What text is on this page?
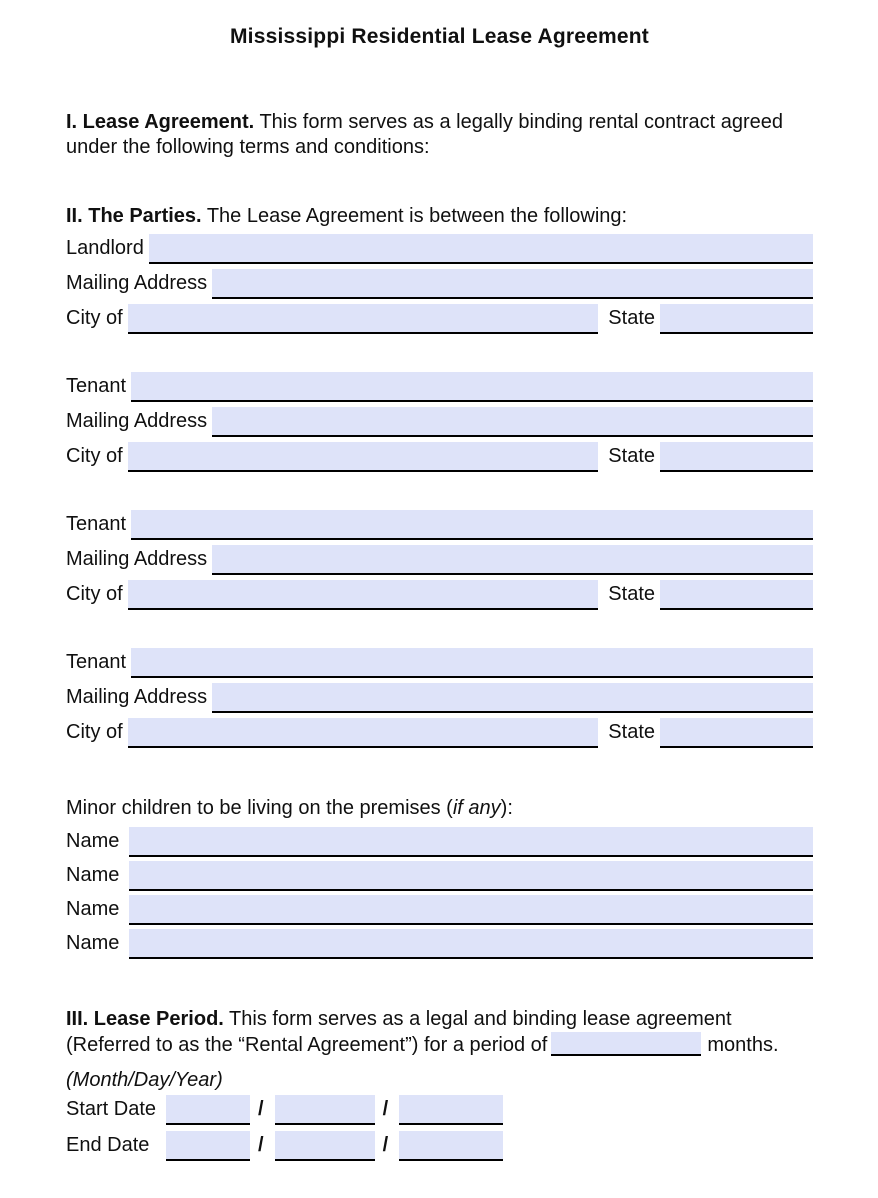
Mississippi Residential Lease Agreement
I. Lease Agreement. This form serves as a legally binding rental contract agreed
under the following terms and conditions:
II. The Parties. The Lease Agreement is between the following:
Landlord
Mailing Address
City of	State
Tenant
Mailing Address
City of	State
Tenant
Mailing Address
City of	State
Tenant
Mailing Address
City of	State
Minor children to be living on the premises (if any):
Name
Name
Name
Name
III. Lease Period. This form serves as a legal and binding lease agreement
(Referred to as the “Rental Agreement”) for a period of	months.
(Month/Day/Year)
Start Date	/	/
End Date	/	/
